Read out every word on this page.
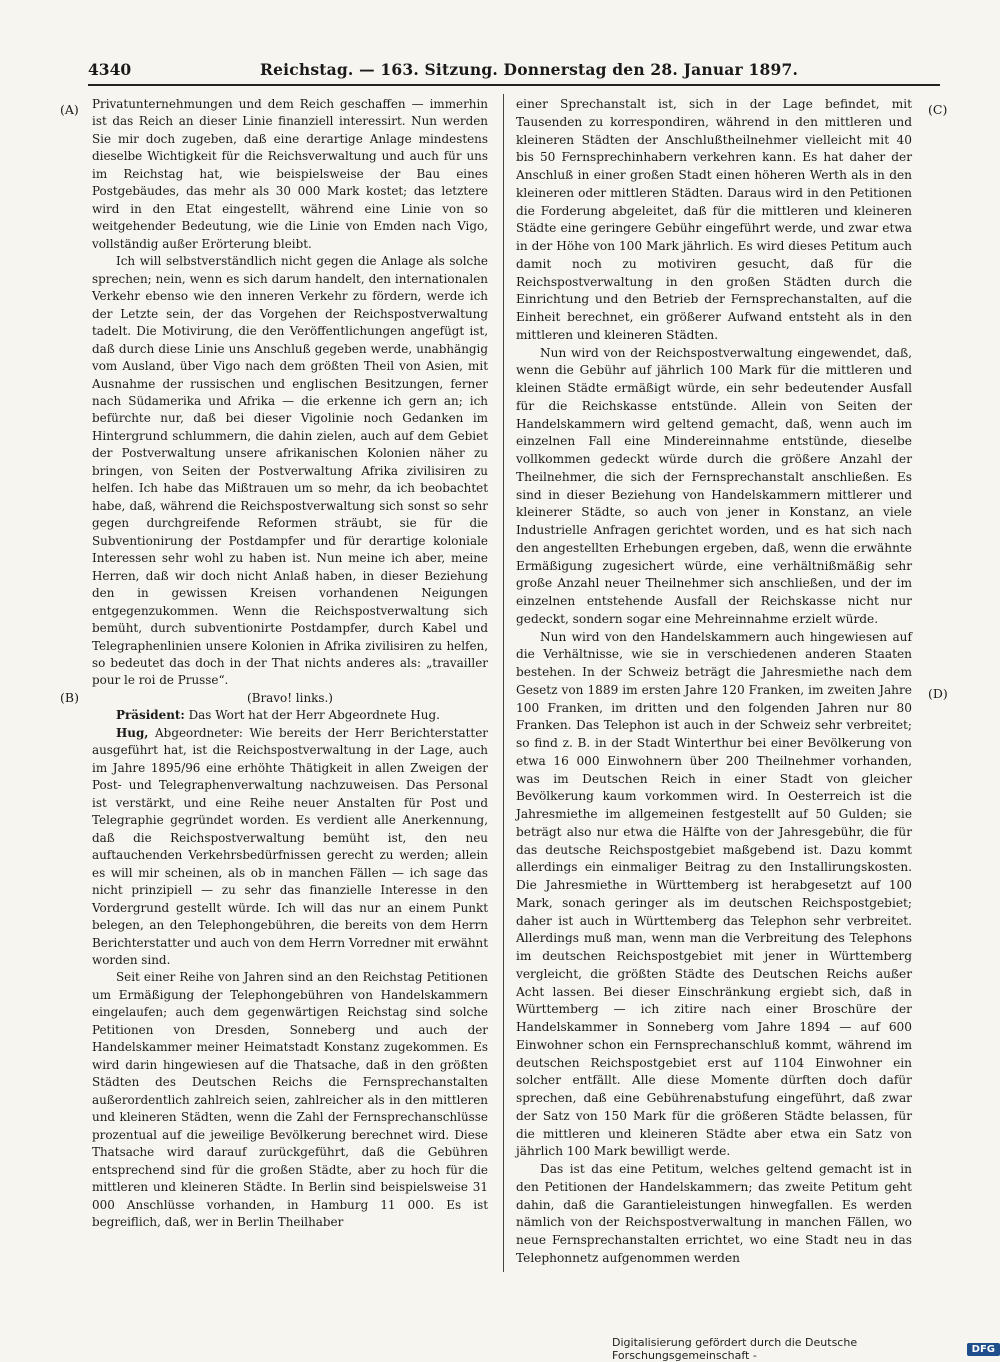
4340	Reichstag. — 163. Sitzung. Donnerstag den 28. Januar 1897.
(A)
(B)
(C)
(D)

Privatunternehmungen und dem Reich geschaffen — immerhin ist das Reich an dieser Linie finanziell interessirt. Nun werden Sie mir doch zugeben, daß eine derartige Anlage mindestens dieselbe Wichtigkeit für die Reichsverwaltung und auch für uns im Reichstag hat, wie beispielsweise der Bau eines Postgebäudes, das mehr als 30 000 Mark kostet; das letztere wird in den Etat eingestellt, während eine Linie von so weitgehender Bedeutung, wie die Linie von Emden nach Vigo, vollständig außer Erörterung bleibt.

Ich will selbstverständlich nicht gegen die Anlage als solche sprechen; nein, wenn es sich darum handelt, den internationalen Verkehr ebenso wie den inneren Verkehr zu fördern, werde ich der Letzte sein, der das Vorgehen der Reichspostverwaltung tadelt. Die Motivirung, die den Veröffentlichungen angefügt ist, daß durch diese Linie uns Anschluß gegeben werde, unabhängig vom Ausland, über Vigo nach dem größten Theil von Asien, mit Ausnahme der russischen und englischen Besitzungen, ferner nach Südamerika und Afrika — die erkenne ich gern an; ich befürchte nur, daß bei dieser Vigolinie noch Gedanken im Hintergrund schlummern, die dahin zielen, auch auf dem Gebiet der Postverwaltung unsere afrikanischen Kolonien näher zu bringen, von Seiten der Postverwaltung Afrika zivilisiren zu helfen. Ich habe das Mißtrauen um so mehr, da ich beobachtet habe, daß, während die Reichspostverwaltung sich sonst so sehr gegen durchgreifende Reformen sträubt, sie für die Subventionirung der Postdampfer und für derartige koloniale Interessen sehr wohl zu haben ist. Nun meine ich aber, meine Herren, daß wir doch nicht Anlaß haben, in dieser Beziehung den in gewissen Kreisen vorhandenen Neigungen entgegenzukommen. Wenn die Reichspostverwaltung sich bemüht, durch subventionirte Postdampfer, durch Kabel und Telegraphenlinien unsere Kolonien in Afrika zivilisiren zu helfen, so bedeutet das doch in der That nichts anderes als: „travailler pour le roi de Prusse“.

(Bravo! links.)

Präsident: Das Wort hat der Herr Abgeordnete Hug.

Hug, Abgeordneter: Wie bereits der Herr Berichterstatter ausgeführt hat, ist die Reichspostverwaltung in der Lage, auch im Jahre 1895/96 eine erhöhte Thätigkeit in allen Zweigen der Post- und Telegraphenverwaltung nachzuweisen. Das Personal ist verstärkt, und eine Reihe neuer Anstalten für Post und Telegraphie gegründet worden. Es verdient alle Anerkennung, daß die Reichspostverwaltung bemüht ist, den neu auftauchenden Verkehrsbedürfnissen gerecht zu werden; allein es will mir scheinen, als ob in manchen Fällen — ich sage das nicht prinzipiell — zu sehr das finanzielle Interesse in den Vordergrund gestellt würde. Ich will das nur an einem Punkt belegen, an den Telephongebühren, die bereits von dem Herrn Berichterstatter und auch von dem Herrn Vorredner mit erwähnt worden sind.

Seit einer Reihe von Jahren sind an den Reichstag Petitionen um Ermäßigung der Telephongebühren von Handelskammern eingelaufen; auch dem gegenwärtigen Reichstag sind solche Petitionen von Dresden, Sonneberg und auch der Handelskammer meiner Heimatstadt Konstanz zugekommen. Es wird darin hingewiesen auf die Thatsache, daß in den größten Städten des Deutschen Reichs die Fernsprechanstalten außerordentlich zahlreich seien, zahlreicher als in den mittleren und kleineren Städten, wenn die Zahl der Fernsprechanschlüsse prozentual auf die jeweilige Bevölkerung berechnet wird. Diese Thatsache wird darauf zurückgeführt, daß die Gebühren entsprechend sind für die großen Städte, aber zu hoch für die mittleren und kleineren Städte. In Berlin sind beispielsweise 31 000 Anschlüsse vorhanden, in Hamburg 11 000. Es ist begreiflich, daß, wer in Berlin Theilhaber

einer Sprechanstalt ist, sich in der Lage befindet, mit Tausenden zu korrespondiren, während in den mittleren und kleineren Städten der Anschlußtheilnehmer vielleicht mit 40 bis 50 Fernsprechinhabern verkehren kann. Es hat daher der Anschluß in einer großen Stadt einen höheren Werth als in den kleineren oder mittleren Städten. Daraus wird in den Petitionen die Forderung abgeleitet, daß für die mittleren und kleineren Städte eine geringere Gebühr eingeführt werde, und zwar etwa in der Höhe von 100 Mark jährlich. Es wird dieses Petitum auch damit noch zu motiviren gesucht, daß für die Reichspostverwaltung in den großen Städten durch die Einrichtung und den Betrieb der Fernsprechanstalten, auf die Einheit berechnet, ein größerer Aufwand entsteht als in den mittleren und kleineren Städten.

Nun wird von der Reichspostverwaltung eingewendet, daß, wenn die Gebühr auf jährlich 100 Mark für die mittleren und kleinen Städte ermäßigt würde, ein sehr bedeutender Ausfall für die Reichskasse entstünde. Allein von Seiten der Handelskammern wird geltend gemacht, daß, wenn auch im einzelnen Fall eine Mindereinnahme entstünde, dieselbe vollkommen gedeckt würde durch die größere Anzahl der Theilnehmer, die sich der Fernsprechanstalt anschließen. Es sind in dieser Beziehung von Handelskammern mittlerer und kleinerer Städte, so auch von jener in Konstanz, an viele Industrielle Anfragen gerichtet worden, und es hat sich nach den angestellten Erhebungen ergeben, daß, wenn die erwähnte Ermäßigung zugesichert würde, eine verhältnißmäßig sehr große Anzahl neuer Theilnehmer sich anschließen, und der im einzelnen entstehende Ausfall der Reichskasse nicht nur gedeckt, sondern sogar eine Mehreinnahme erzielt würde.

Nun wird von den Handelskammern auch hingewiesen auf die Verhältnisse, wie sie in verschiedenen anderen Staaten bestehen. In der Schweiz beträgt die Jahresmiethe nach dem Gesetz von 1889 im ersten Jahre 120 Franken, im zweiten Jahre 100 Franken, im dritten und den folgenden Jahren nur 80 Franken. Das Telephon ist auch in der Schweiz sehr verbreitet; so find z. B. in der Stadt Winterthur bei einer Bevölkerung von etwa 16 000 Einwohnern über 200 Theilnehmer vorhanden, was im Deutschen Reich in einer Stadt von gleicher Bevölkerung kaum vorkommen wird. In Oesterreich ist die Jahresmiethe im allgemeinen festgestellt auf 50 Gulden; sie beträgt also nur etwa die Hälfte von der Jahresgebühr, die für das deutsche Reichspostgebiet maßgebend ist. Dazu kommt allerdings ein einmaliger Beitrag zu den Installirungskosten. Die Jahresmiethe in Württemberg ist herabgesetzt auf 100 Mark, sonach geringer als im deutschen Reichspostgebiet; daher ist auch in Württemberg das Telephon sehr verbreitet. Allerdings muß man, wenn man die Verbreitung des Telephons im deutschen Reichspostgebiet mit jener in Württemberg vergleicht, die größten Städte des Deutschen Reichs außer Acht lassen. Bei dieser Einschränkung ergiebt sich, daß in Württemberg — ich zitire nach einer Broschüre der Handelskammer in Sonneberg vom Jahre 1894 — auf 600 Einwohner schon ein Fernsprechanschluß kommt, während im deutschen Reichspostgebiet erst auf 1104 Einwohner ein solcher entfällt. Alle diese Momente dürften doch dafür sprechen, daß eine Gebührenabstufung eingeführt, daß zwar der Satz von 150 Mark für die größeren Städte belassen, für die mittleren und kleineren Städte aber etwa ein Satz von jährlich 100 Mark bewilligt werde.

Das ist das eine Petitum, welches geltend gemacht ist in den Petitionen der Handelskammern; das zweite Petitum geht dahin, daß die Garantieleistungen hinwegfallen. Es werden nämlich von der Reichspostverwaltung in manchen Fällen, wo neue Fernsprechanstalten errichtet, wo eine Stadt neu in das Telephonnetz aufgenommen werden

Digitalisierung gefördert durch die Deutsche Forschungsgemeinschaft -	DFG
